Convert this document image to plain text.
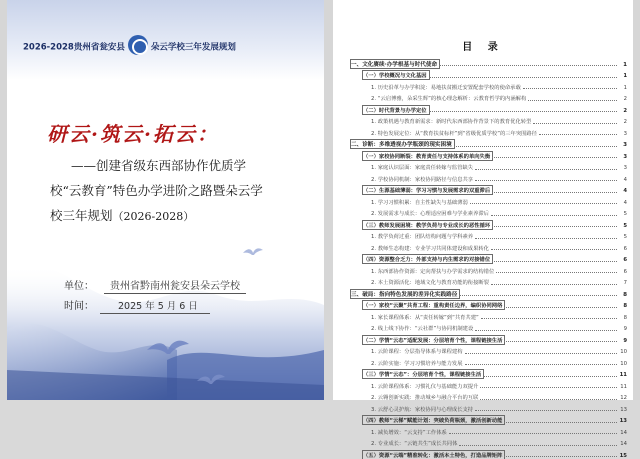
2026-2028贵州省瓮安县	朵云学校三年发展规划
研云·筑云·拓云：
——创建省级东西部协作优质学
校“云教育”特色办学进阶之路暨朵云学
校三年规划（2026-2028）
单位： 贵州省黔南州瓮安县朵云学校
时间：	2025 年 5 月 6 日
目 录
一、文化赓续·办学根基与时代使命	1
（一）学校概况与文化基因	1
1. 历史沿革与办学积淀：易地扶贫搬迁安置配套学校的使命承载	1
2. “云启博雅，朵采生辉”的核心理念解析：云教育哲学的内涵解构	2
（二）时代背景与办学定位	2
1. 政策机遇与教育新需求：新时代东西部协作背景下的教育优化转型	2
2. 特色发展定位：从“教育扶贫标杆”到“省级优质学校”的三年突围路径	3
二、诊断：多维透视办学瓶颈的现实困境	3
（一）家校协同断裂：教育责任与支持体系的单向失衡	3
1. 家庭认识层面：家庭责任转嫁与监管缺失	3
2. 学校协同机制：家校协同路径与信息共享	4
（二）生源基础薄弱：学习习惯与发展需求的双重滞后	4
1. 学习习惯积累：自主性缺失与基础薄弱	4
2. 发展需求与成长：心理适应困难与学业素养滞后	5
（三）教师发展困境：教学负荷与专业成长的恶性循环	5
1. 教学负荷过重：团队结构问题与学科素养	5
2. 教师生态构建：专业学习共同体建设和成果转化	6
（四）资源整合乏力：外部支持与内生需求的对接错位	6
1. 东西部协作资源：定向帮扶与办学需求的结构错位	6
2. 本土资源活化：地域文化与教育功能的衔接断裂	7
三、破局：指向特色发展的差异化实践路径	8
（一）家校“云聚”共育工程：重构责任边界，编织协同网络	8
1. 家长课程体系：从“责任转嫁”到“共育共建”	8
2. 线上线下协作：“云社群”与协同机制建设	9
（二）学情“云态”适配发展：分层培育个性，课程链接生活	9
1. 云阶课程：分层指导体系与课程建构	10
2. 云阶实施：学习习惯培养与能力发展	10
（三）学情“云态”：分层培育个性，课程链接生活	11
1. 云阶课程体系：习惯礼仪与基础能力双提升	11
2. 云翱创新实践：推动城乡与融合平台的互联	12
3. 云舒心灵护航：家校协同与心理成长支持	13
（四）教师“云梯”赋能计划：突破负荷瓶颈，激活创新动能	13
1. 减负增效：“云支持”工作体系	14
2. 专业成长：“云链共生”成长共同体	14
（五）资源“云端”精准转化：激活本土特色，打造品牌矩阵	15
